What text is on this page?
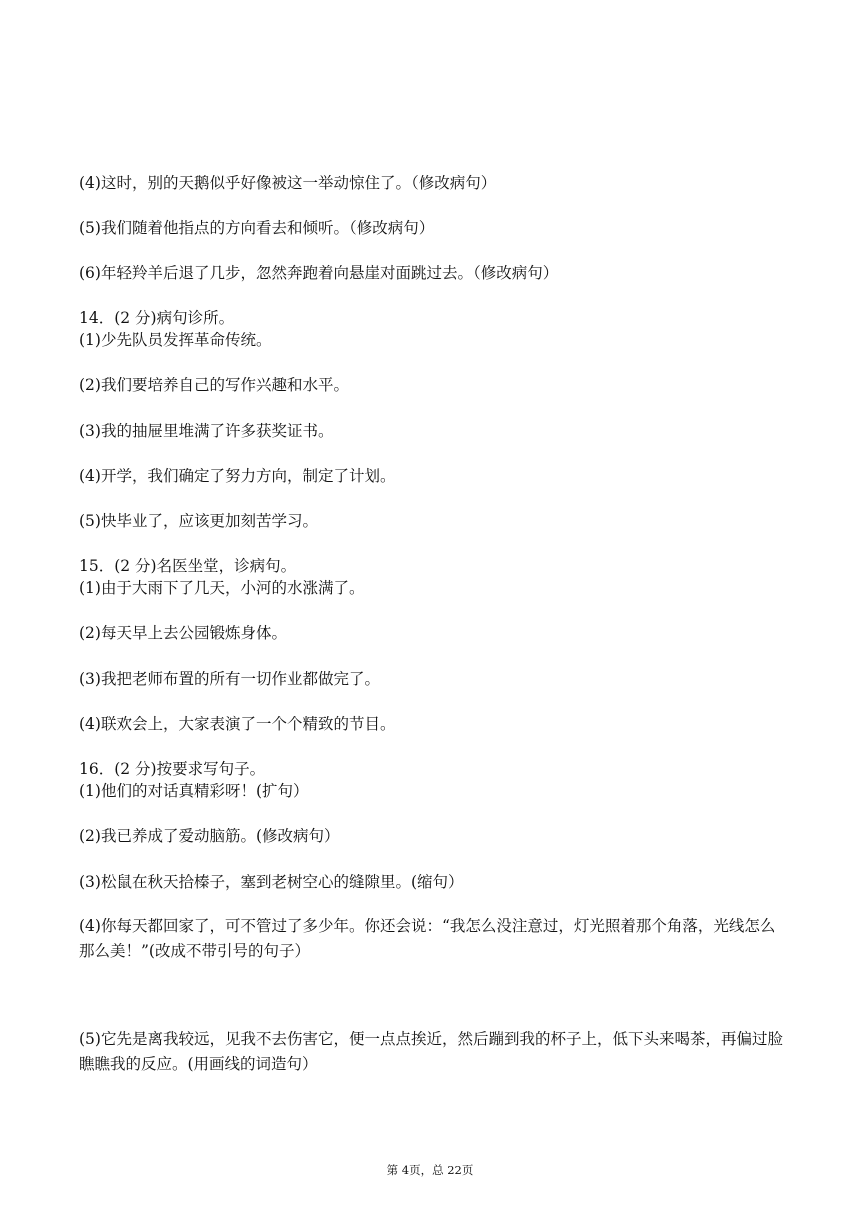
(4)这时，别的天鹅似乎好像被这一举动惊住了。（修改病句）
(5)我们随着他指点的方向看去和倾听。（修改病句）
(6)年轻羚羊后退了几步，忽然奔跑着向悬崖对面跳过去。（修改病句）
14．(2 分)病句诊所。
(1)少先队员发挥革命传统。
(2)我们要培养自己的写作兴趣和水平。
(3)我的抽屉里堆满了许多获奖证书。
(4)开学，我们确定了努力方向，制定了计划。
(5)快毕业了，应该更加刻苦学习。
15．(2 分)名医坐堂，诊病句。
(1)由于大雨下了几天，小河的水涨满了。
(2)每天早上去公园锻炼身体。
(3)我把老师布置的所有一切作业都做完了。
(4)联欢会上，大家表演了一个个精致的节目。
16．(2 分)按要求写句子。
(1)他们的对话真精彩呀！(扩句）
(2)我已养成了爱动脑筋。(修改病句）
(3)松鼠在秋天拾榛子，塞到老树空心的缝隙里。(缩句）
(4)你每天都回家了，可不管过了多少年。你还会说：“我怎么没注意过，灯光照着那个角落，光线怎么那么美！”(改成不带引号的句子）
(5)它先是离我较远，见我不去伤害它，便一点点挨近，然后蹦到我的杯子上，低下头来喝茶，再偏过脸瞧瞧我的反应。(用画线的词造句）
第 4页，总 22页
